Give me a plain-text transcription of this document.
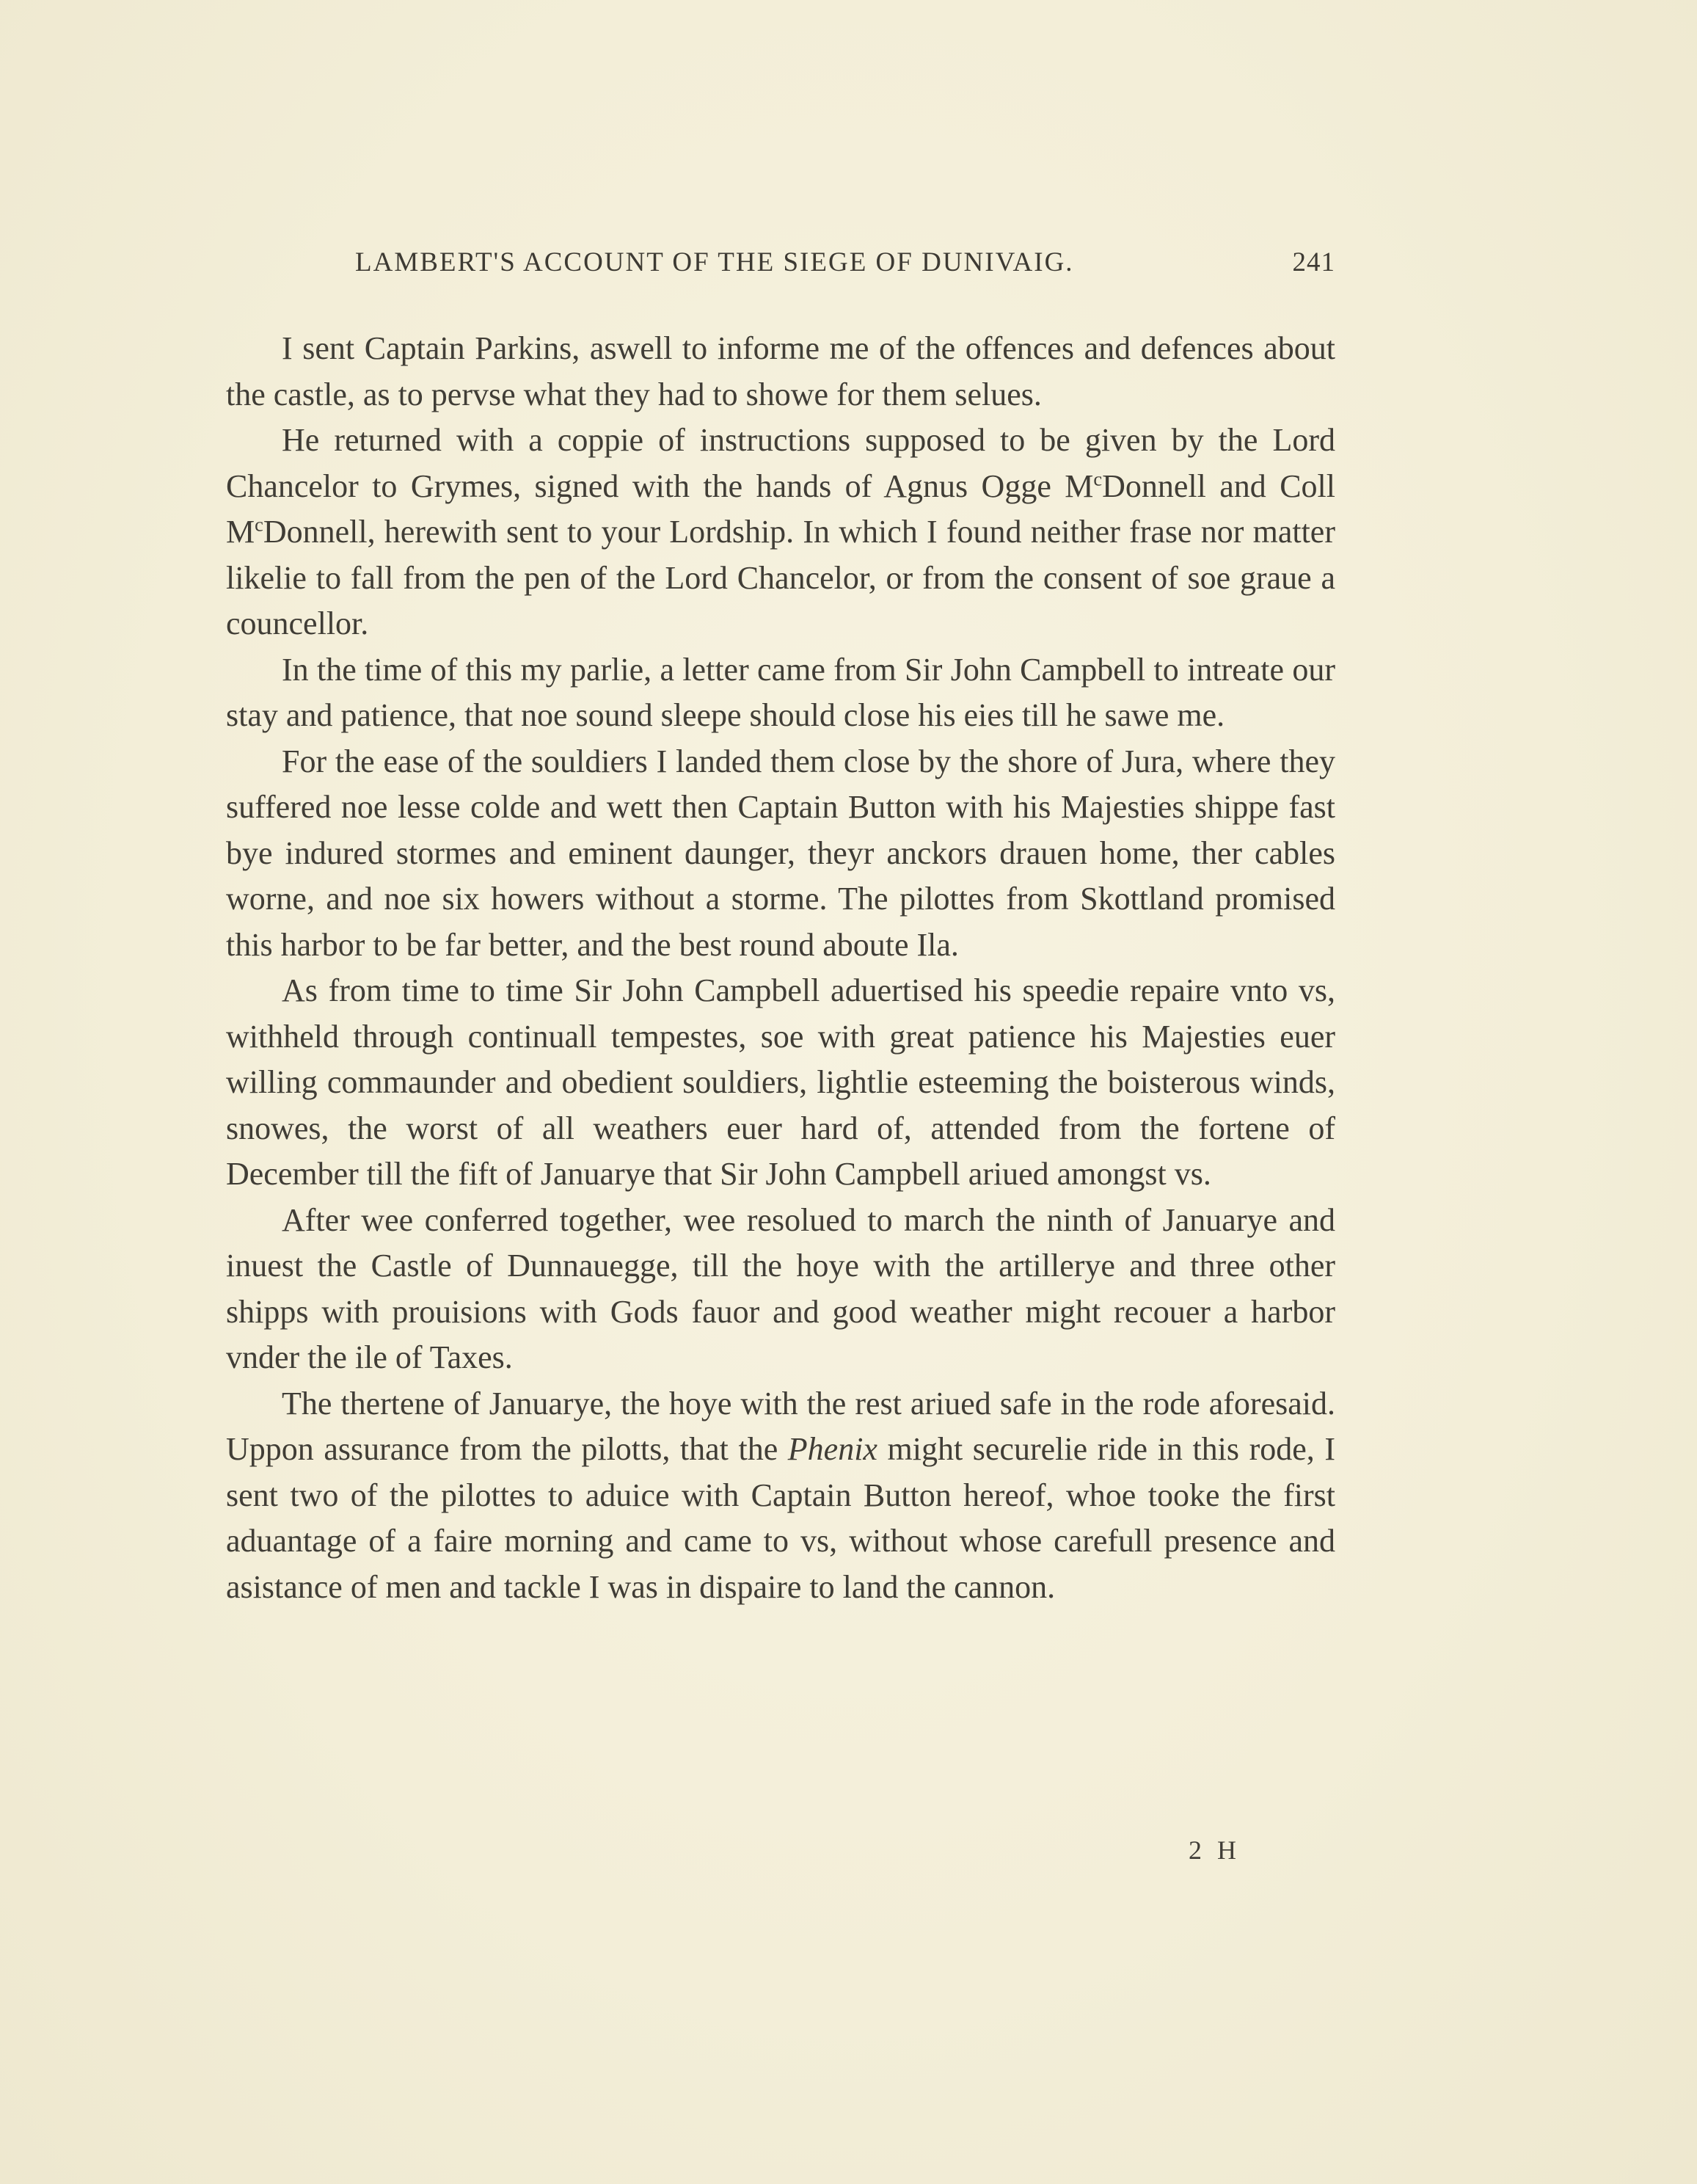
LAMBERT'S ACCOUNT OF THE SIEGE OF DUNIVAIG.	241

I sent Captain Parkins, aswell to informe me of the offences and defences about the castle, as to pervse what they had to showe for them selues.

He returned with a coppie of instructions supposed to be given by the Lord Chancelor to Grymes, signed with the hands of Agnus Ogge $M^cDonnell$ and Coll $M^cDonnell$, herewith sent to your Lordship. In which I found neither frase nor matter likelie to fall from the pen of the Lord Chancelor, or from the consent of soe graue a councellor.

In the time of this my parlie, a letter came from Sir John Campbell to intreate our stay and patience, that noe sound sleepe should close his eies till he sawe me.

For the ease of the souldiers I landed them close by the shore of Jura, where they suffered noe lesse colde and wett then Captain Button with his Majesties shippe fast bye indured stormes and eminent daunger, theyr anckors drauen home, ther cables worne, and noe six howers without a storme. The pilottes from Skottland promised this harbor to be far better, and the best round aboute Ila.

As from time to time Sir John Campbell aduertised his speedie repaire vnto vs, withheld through continuall tempestes, soe with great patience his Majesties euer willing commaunder and obedient souldiers, lightlie esteeming the boisterous winds, snowes, the worst of all weathers euer hard of, attended from the fortene of December till the fift of Januarye that Sir John Campbell ariued amongst vs.

After wee conferred together, wee resolued to march the ninth of Januarye and inuest the Castle of Dunnauegge, till the hoye with the artillerye and three other shipps with prouisions with Gods fauor and good weather might recouer a harbor vnder the ile of Taxes.

The thertene of Januarye, the hoye with the rest ariued safe in the rode aforesaid. Uppon assurance from the pilotts, that the Phenix might securelie ride in this rode, I sent two of the pilottes to aduice with Captain Button hereof, whoe tooke the first aduantage of a faire morning and came to vs, without whose carefull presence and asistance of men and tackle I was in dispaire to land the cannon.

2 H
